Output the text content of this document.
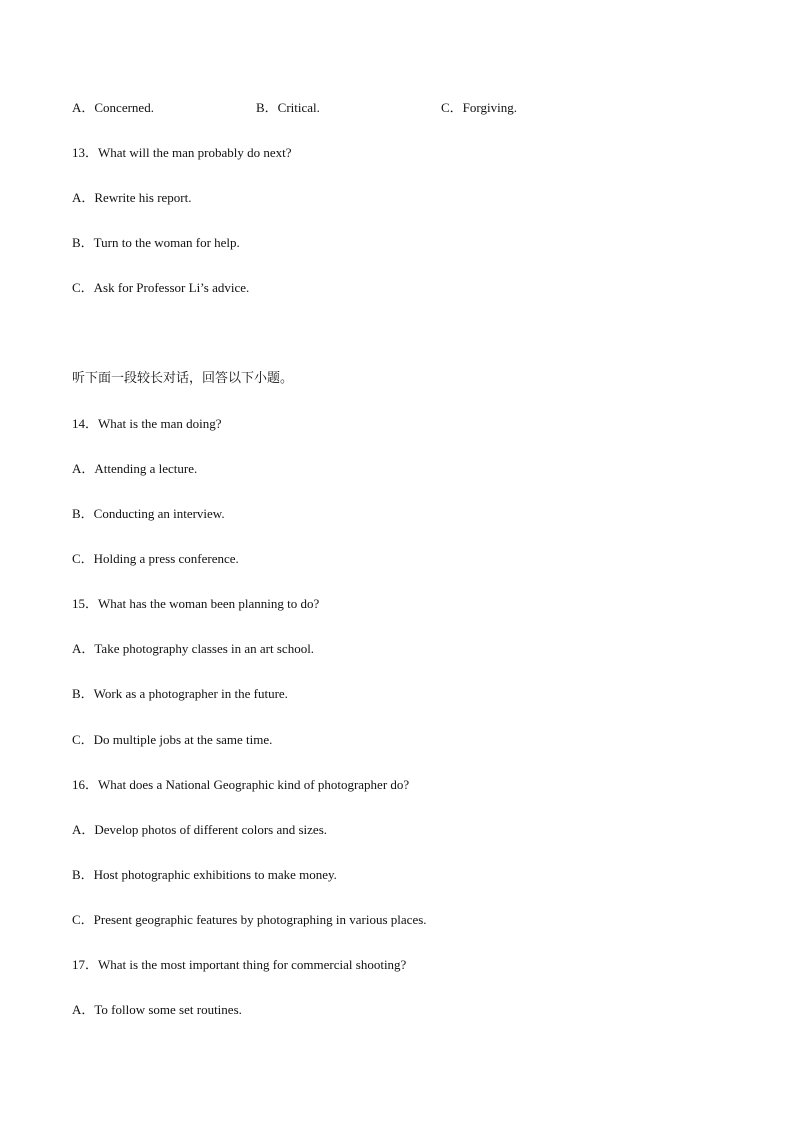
A．Concerned.	B．Critical.	C．Forgiving.
13．What will the man probably do next?
A．Rewrite his report.
B．Turn to the woman for help.
C．Ask for Professor Li’s advice.
听下面一段较长对话，回答以下小题。
14．What is the man doing?
A．Attending a lecture.
B．Conducting an interview.
C．Holding a press conference.
15．What has the woman been planning to do?
A．Take photography classes in an art school.
B．Work as a photographer in the future.
C．Do multiple jobs at the same time.
16．What does a National Geographic kind of photographer do?
A．Develop photos of different colors and sizes.
B．Host photographic exhibitions to make money.
C．Present geographic features by photographing in various places.
17．What is the most important thing for commercial shooting?
A．To follow some set routines.
